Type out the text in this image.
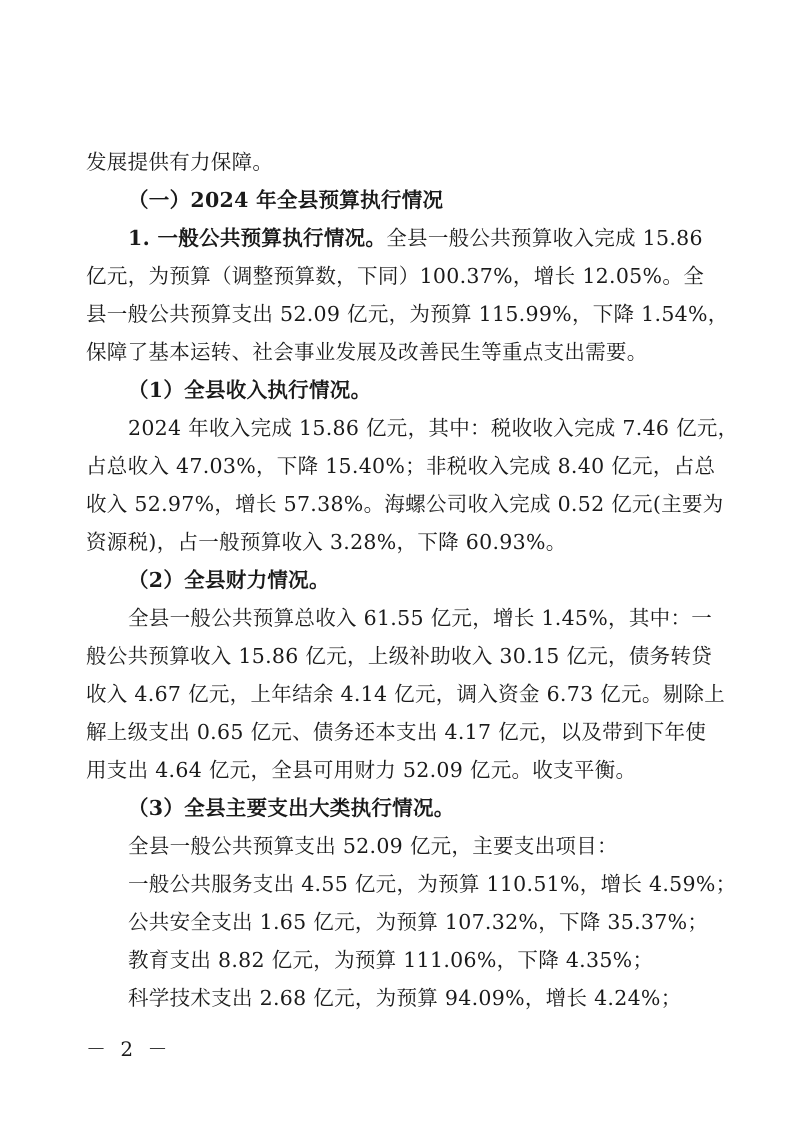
发展提供有力保障。
（一）2024 年全县预算执行情况
1. 一般公共预算执行情况。全县一般公共预算收入完成 15.86
亿元，为预算（调整预算数，下同）100.37%，增长 12.05%。全
县一般公共预算支出 52.09 亿元，为预算 115.99%，下降 1.54%，
保障了基本运转、社会事业发展及改善民生等重点支出需要。
（1）全县收入执行情况。
2024 年收入完成 15.86 亿元，其中：税收收入完成 7.46 亿元，
占总收入 47.03%，下降 15.40%；非税收入完成 8.40 亿元，占总
收入 52.97%，增长 57.38%。海螺公司收入完成 0.52 亿元(主要为
资源税)，占一般预算收入 3.28%，下降 60.93%。
（2）全县财力情况。
全县一般公共预算总收入 61.55 亿元，增长 1.45%，其中：一
般公共预算收入 15.86 亿元，上级补助收入 30.15 亿元，债务转贷
收入 4.67 亿元，上年结余 4.14 亿元，调入资金 6.73 亿元。剔除上
解上级支出 0.65 亿元、债务还本支出 4.17 亿元，以及带到下年使
用支出 4.64 亿元，全县可用财力 52.09 亿元。收支平衡。
（3）全县主要支出大类执行情况。
全县一般公共预算支出 52.09 亿元，主要支出项目：
一般公共服务支出 4.55 亿元，为预算 110.51%，增长 4.59%；
公共安全支出 1.65 亿元，为预算 107.32%，下降 35.37%；
教育支出 8.82 亿元，为预算 111.06%，下降 4.35%；
科学技术支出 2.68 亿元，为预算 94.09%，增长 4.24%；
－ 2 －
